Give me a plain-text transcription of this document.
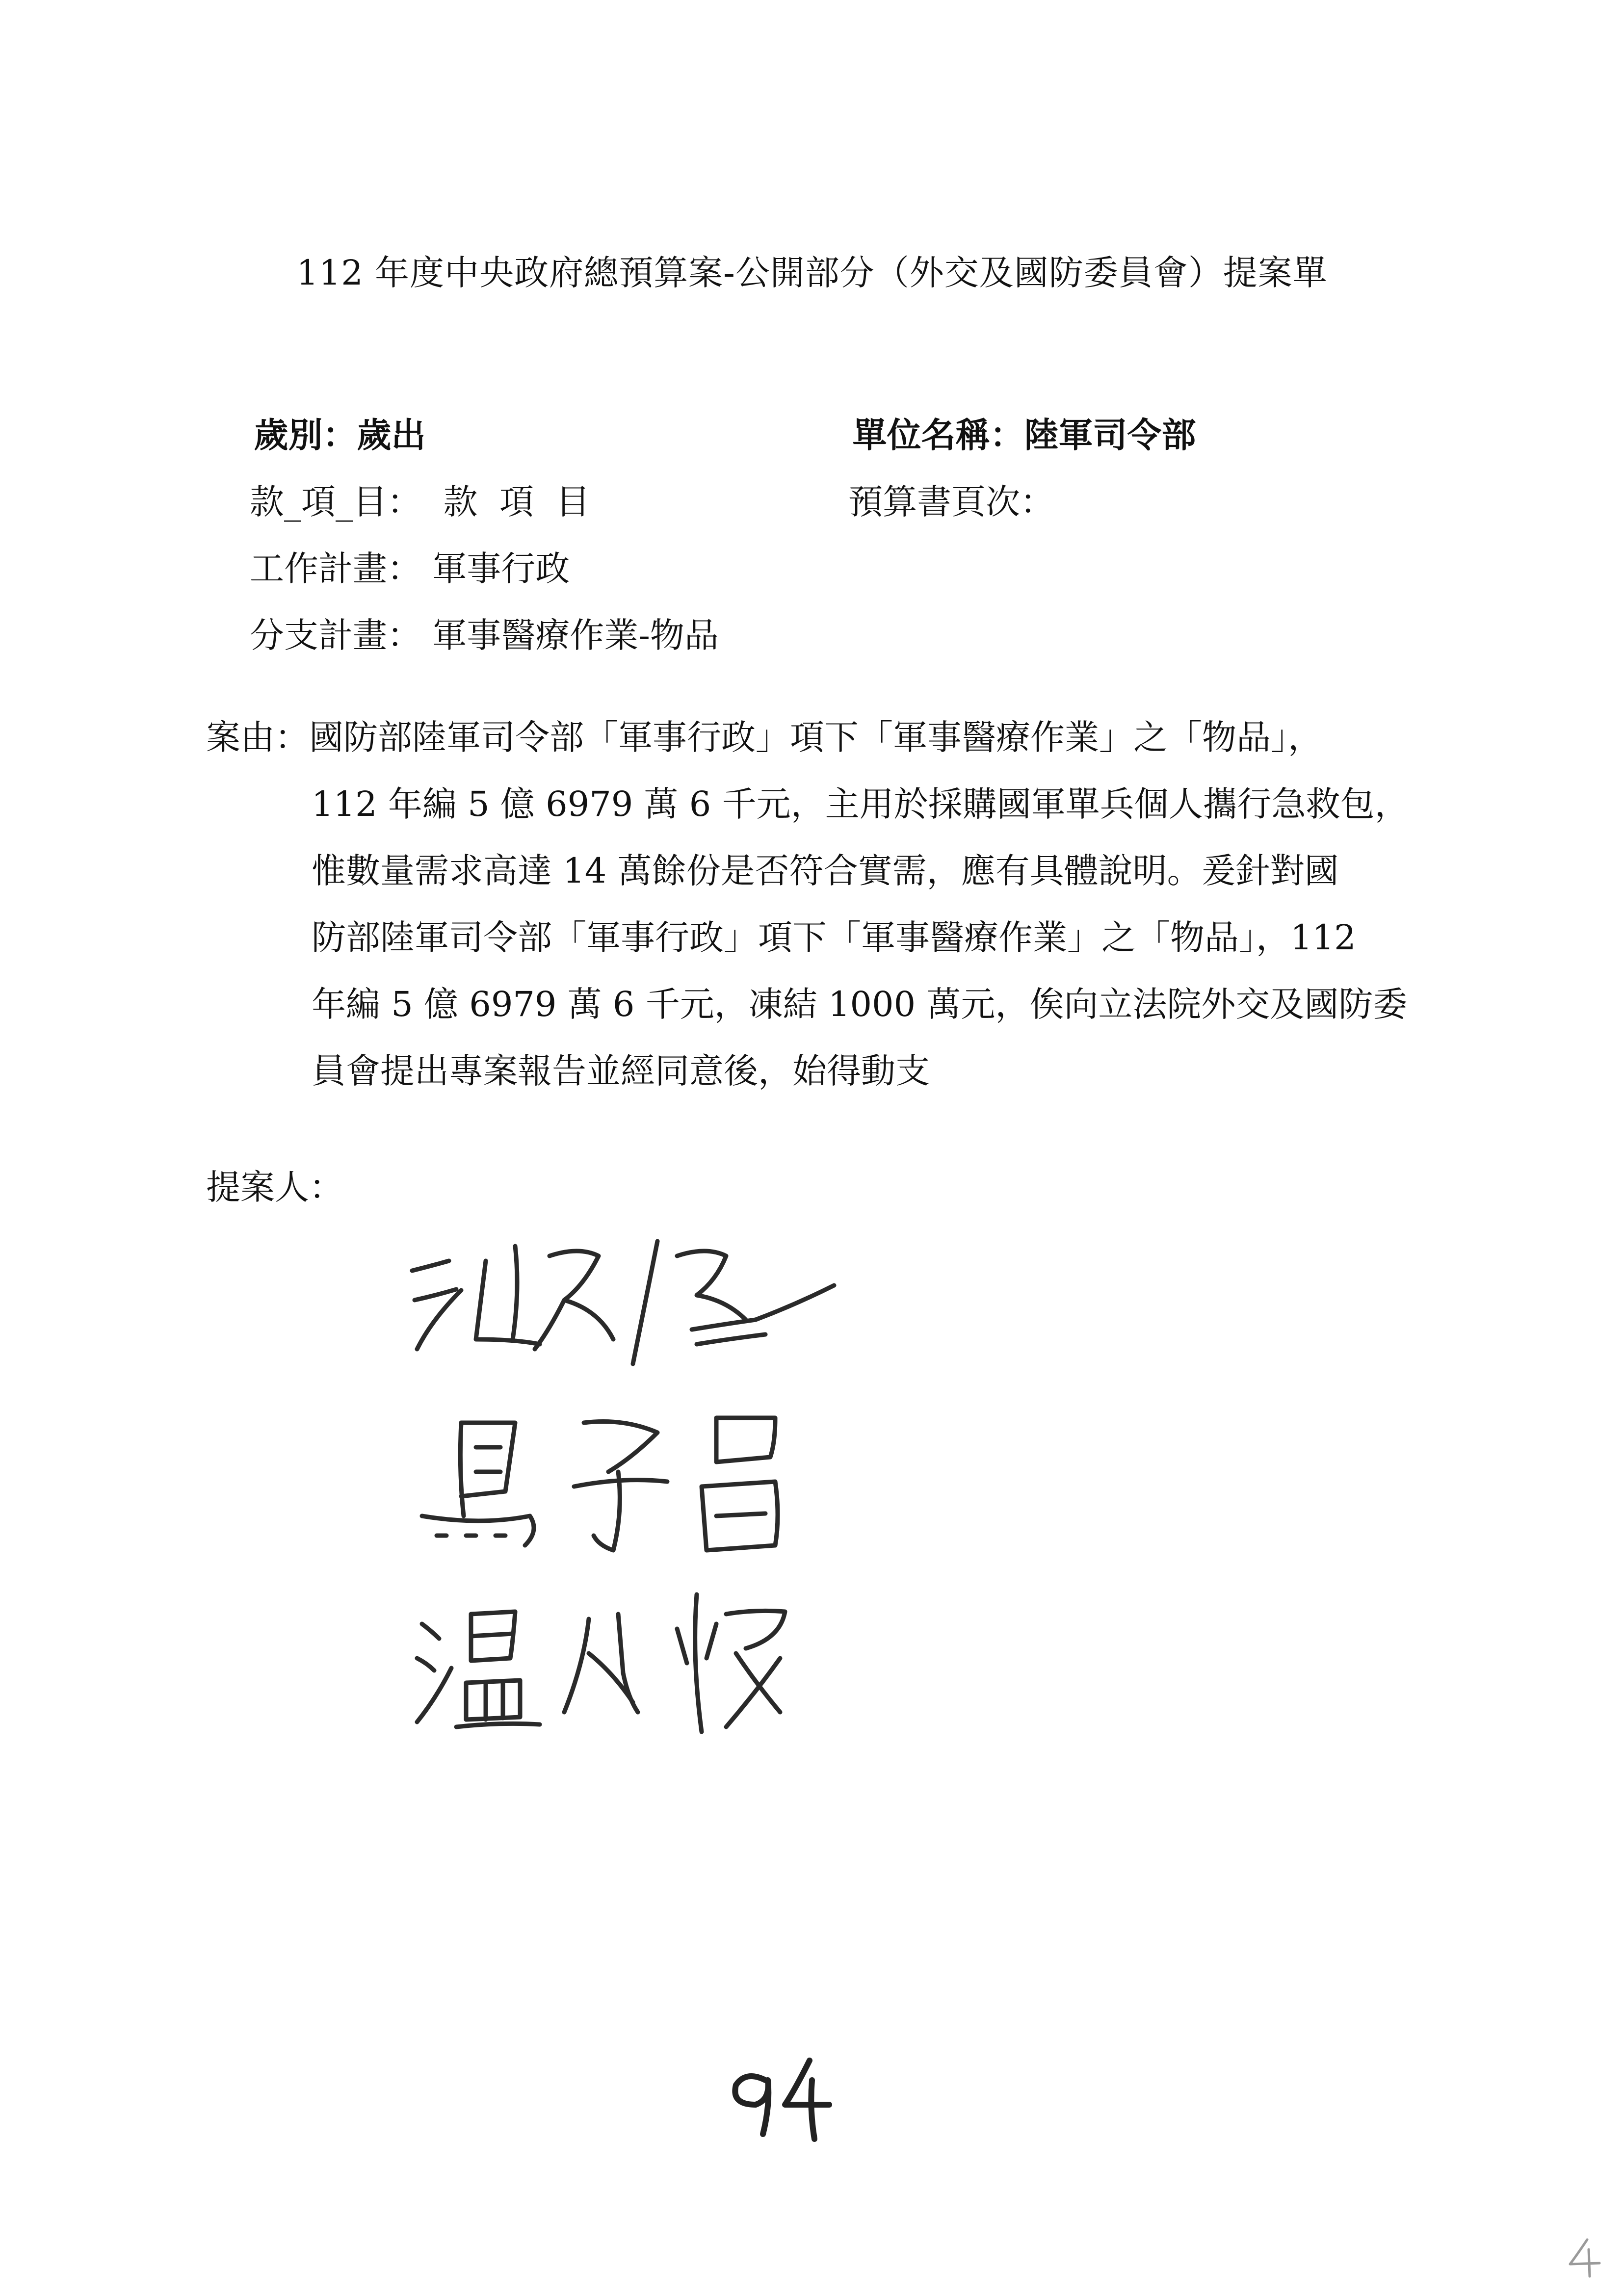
112 年度中央政府總預算案-公開部分（外交及國防委員會）提案單

歲別：歲出

款_項_目：  款  項  目

工作計畫： 軍事行政

分支計畫： 軍事醫療作業-物品

單位名稱：陸軍司令部

預算書頁次：

案由：國防部陸軍司令部「軍事行政」項下「軍事醫療作業」之「物品」，
112 年編 5 億 6979 萬 6 千元，主用於採購國軍單兵個人攜行急救包，
惟數量需求高達 14 萬餘份是否符合實需，應有具體說明。爰針對國
防部陸軍司令部「軍事行政」項下「軍事醫療作業」之「物品」，112
年編 5 億 6979 萬 6 千元，凍結 1000 萬元，俟向立法院外交及國防委
員會提出專案報告並經同意後，始得動支
提案人：
